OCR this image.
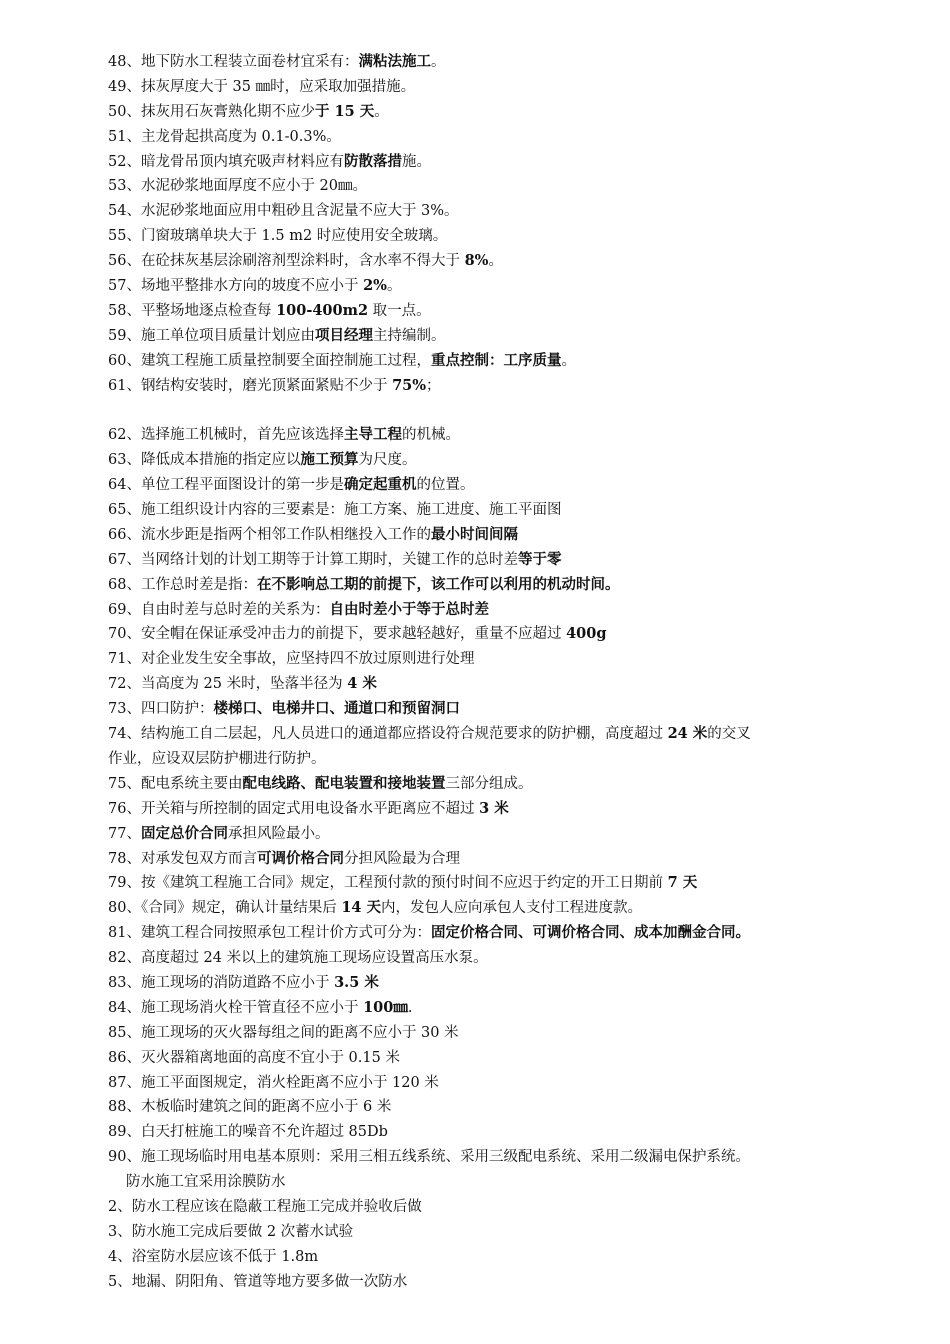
48、地下防水工程装立面卷材宜采有：满粘法施工。
49、抹灰厚度大于 35 ㎜时，应采取加强措施。
50、抹灰用石灰膏熟化期不应少于 15 天。
51、主龙骨起拱高度为 0.1-0.3%。
52、暗龙骨吊顶内填充吸声材料应有防散落措施。
53、水泥砂浆地面厚度不应小于 20㎜。
54、水泥砂浆地面应用中粗砂且含泥量不应大于 3%。
55、门窗玻璃单块大于 1.5 m2 时应使用安全玻璃。
56、在砼抹灰基层涂刷溶剂型涂料时，含水率不得大于 8%。
57、场地平整排水方向的坡度不应小于 2%。
58、平整场地逐点检查每 100-400m2 取一点。
59、施工单位项目质量计划应由项目经理主持编制。
60、建筑工程施工质量控制要全面控制施工过程，重点控制：工序质量。
61、钢结构安装时，磨光顶紧面紧贴不少于 75%；
62、选择施工机械时，首先应该选择主导工程的机械。
63、降低成本措施的指定应以施工预算为尺度。
64、单位工程平面图设计的第一步是确定起重机的位置。
65、施工组织设计内容的三要素是：施工方案、施工进度、施工平面图
66、流水步距是指两个相邻工作队相继投入工作的最小时间间隔
67、当网络计划的计划工期等于计算工期时，关键工作的总时差等于零
68、工作总时差是指：在不影响总工期的前提下，该工作可以利用的机动时间。
69、自由时差与总时差的关系为：自由时差小于等于总时差
70、安全帽在保证承受冲击力的前提下，要求越轻越好，重量不应超过 400g
71、对企业发生安全事故，应坚持四不放过原则进行处理
72、当高度为 25 米时，坠落半径为 4 米
73、四口防护：楼梯口、电梯井口、通道口和预留洞口
74、结构施工自二层起，凡人员进口的通道都应搭设符合规范要求的防护棚，高度超过 24 米的交叉
作业，应设双层防护棚进行防护。
75、配电系统主要由配电线路、配电装置和接地装置三部分组成。
76、开关箱与所控制的固定式用电设备水平距离应不超过 3 米
77、固定总价合同承担风险最小。
78、对承发包双方而言可调价格合同分担风险最为合理
79、按《建筑工程施工合同》规定，工程预付款的预付时间不应迟于约定的开工日期前 7 天
80、《合同》规定，确认计量结果后 14 天内，发包人应向承包人支付工程进度款。
81、建筑工程合同按照承包工程计价方式可分为：固定价格合同、可调价格合同、成本加酬金合同。
82、高度超过 24 米以上的建筑施工现场应设置高压水泵。
83、施工现场的消防道路不应小于 3.5 米
84、施工现场消火栓干管直径不应小于 100㎜.
85、施工现场的灭火器每组之间的距离不应小于 30 米
86、灭火器箱离地面的高度不宜小于 0.15 米
87、施工平面图规定，消火栓距离不应小于 120 米
88、木板临时建筑之间的距离不应小于 6 米
89、白天打桩施工的噪音不允许超过 85Db
90、施工现场临时用电基本原则：采用三相五线系统、采用三级配电系统、采用二级漏电保护系统。
防水施工宜采用涂膜防水
2、防水工程应该在隐蔽工程施工完成并验收后做
3、防水施工完成后要做 2 次蓄水试验
4、浴室防水层应该不低于 1.8m
5、地漏、阴阳角、管道等地方要多做一次防水
